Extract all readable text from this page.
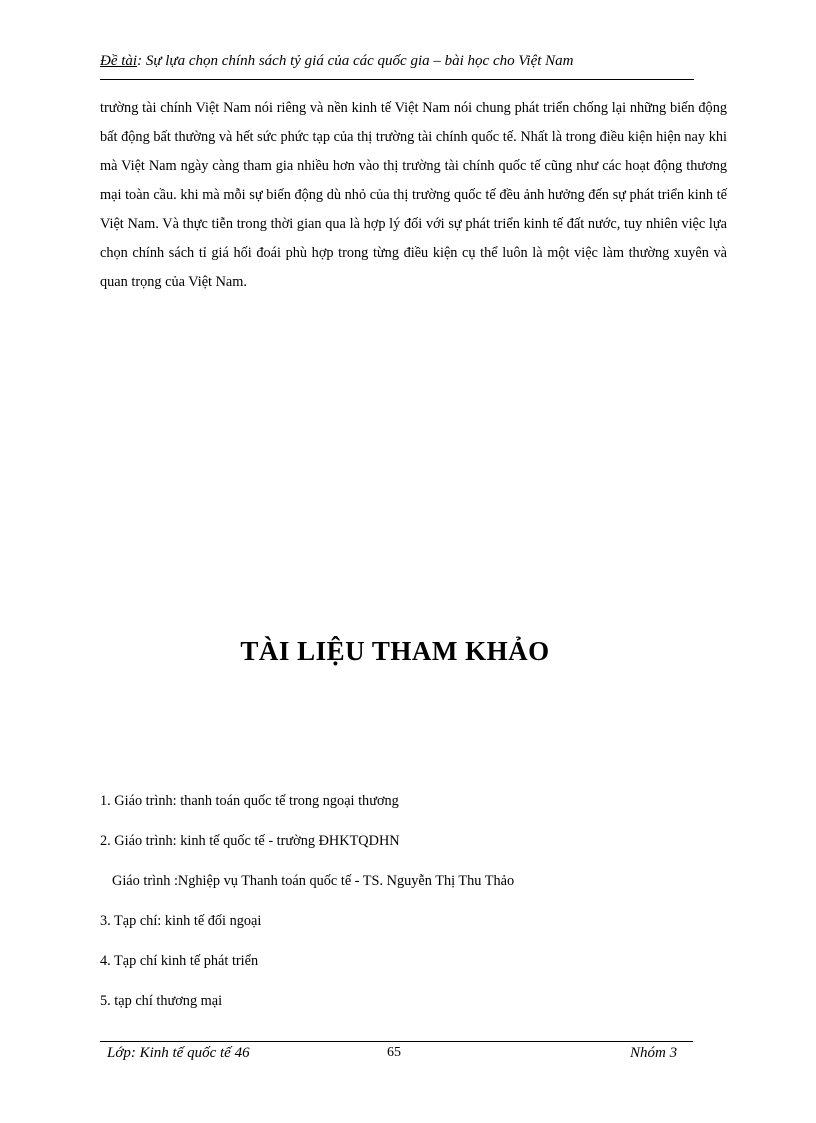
Đề tài: Sự lựa chọn chính sách tỷ giá của các quốc gia – bài học cho Việt Nam
trường tài chính Việt Nam nói riêng và nền kinh tế Việt Nam nói chung phát triển chống lại những biến động bất động bất thường và hết sức phức tạp của thị trường tài chính quốc tế. Nhất là trong điều kiện hiện nay khi mà Việt Nam ngày càng tham gia nhiều hơn vào thị trường tài chính quốc tế cũng như các hoạt động thương mại toàn cầu. khi mà mỗi sự biến động dù nhỏ của thị trường quốc tế đều ảnh hưởng đến sự phát triển kinh tế Việt Nam. Và thực tiễn trong thời gian qua là hợp lý đối với sự phát triển kinh tế đất nước, tuy nhiên việc lựa chọn chính sách tỉ giá hối đoái phù hợp trong từng điều kiện cụ thể luôn là một việc làm thường xuyên và quan trọng của Việt Nam.
TÀI LIỆU THAM KHẢO
1. Giáo trình: thanh toán quốc tế trong ngoại thương
2. Giáo trình: kinh tế quốc tế - trường ĐHKTQDHN
Giáo trình :Nghiệp vụ Thanh toán quốc tế - TS. Nguyễn Thị Thu Thảo
3. Tạp chí: kinh tế đối ngoại
4. Tạp chí kinh tế phát triển
5. tạp chí thương mại
Lớp: Kinh tế quốc tế 46	65	Nhóm 3
